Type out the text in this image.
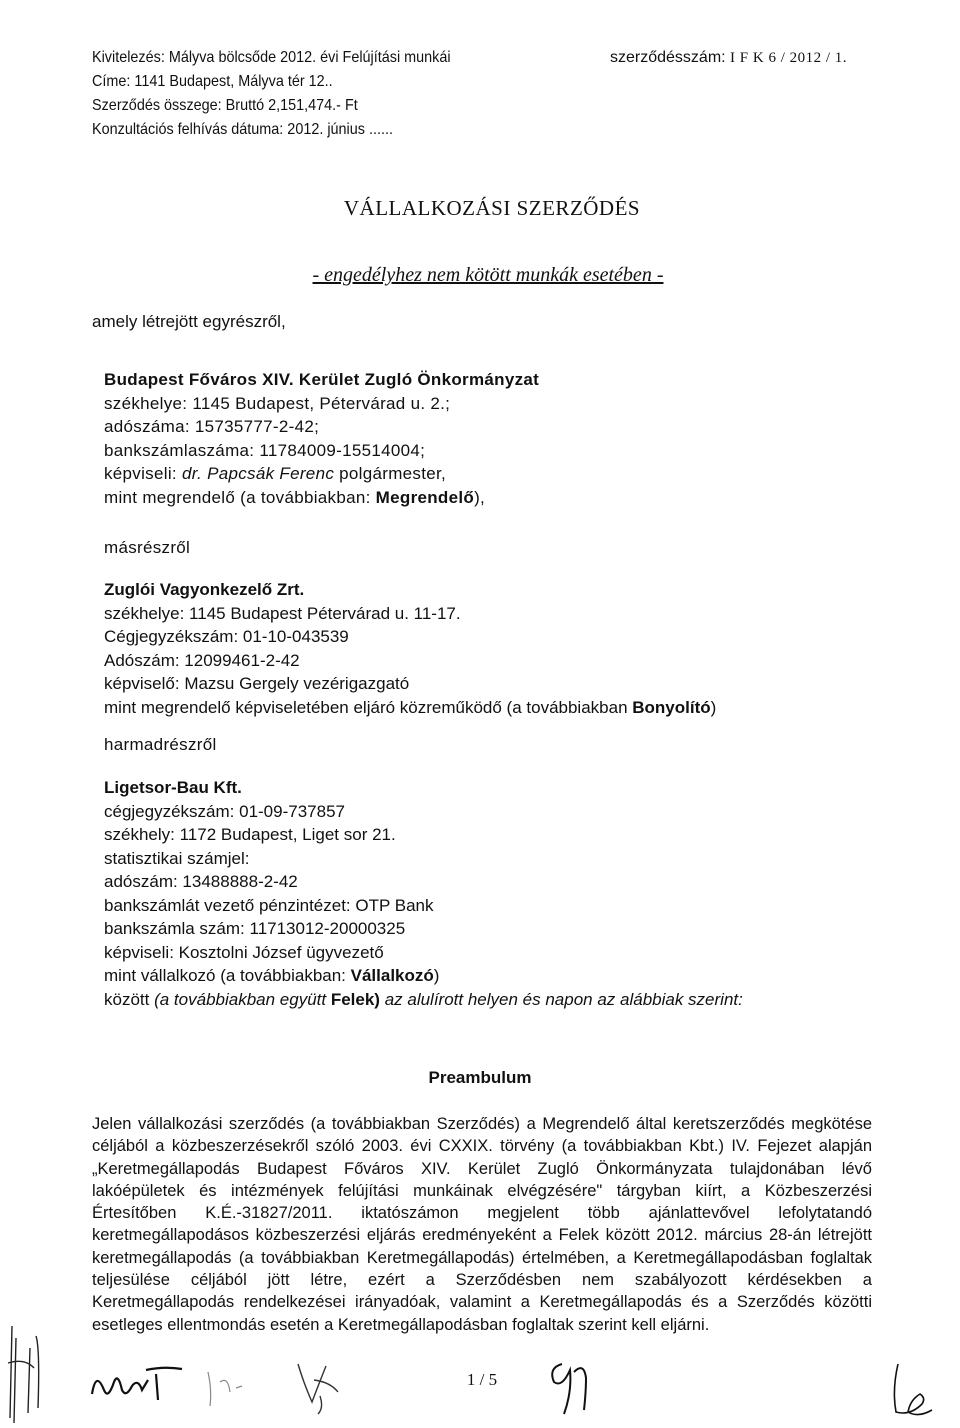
Kivitelezés: Mályva bölcsőde 2012. évi Felújítási munkái
Címe: 1141 Budapest, Mályva tér 12..
Szerződés összege: Bruttó 2,151,474.- Ft
Konzultációs felhívás dátuma: 2012. június ......
szerződésszám: I F K 6 / 2012 / 1.
VÁLLALKOZÁSI SZERZŐDÉS
- engedélyhez nem kötött munkák esetében -
amely létrejött egyrészről,
Budapest Főváros XIV. Kerület Zugló Önkormányzat
székhelye: 1145 Budapest, Pétervárad u. 2.;
adószáma: 15735777-2-42;
bankszámlaszáma: 11784009-15514004;
képviseli: dr. Papcsák Ferenc polgármester,
mint megrendelő (a továbbiakban: Megrendelő),
másrészről
Zuglói Vagyonkezelő Zrt.
székhelye: 1145 Budapest Pétervárad u. 11-17.
Cégjegyzékszám: 01-10-043539
Adószám: 12099461-2-42
képviselő: Mazsu Gergely vezérigazgató
mint megrendelő képviseletében eljáró közreműködő (a továbbiakban Bonyolító)
harmadrészről
Ligetsor-Bau Kft.
cégjegyzékszám: 01-09-737857
székhely: 1172 Budapest, Liget sor 21.
statisztikai számjel:
adószám: 13488888-2-42
bankszámlát vezető pénzintézet: OTP Bank
bankszámla szám: 11713012-20000325
képviseli: Kosztolni József ügyvezető
mint vállalkozó (a továbbiakban: Vállalkozó)
között (a továbbiakban együtt Felek) az alulírott helyen és napon az alábbiak szerint:
Preambulum
Jelen vállalkozási szerződés (a továbbiakban Szerződés) a Megrendelő által keretszerződés megkötése
céljából a közbeszerzésekről szóló 2003. évi CXXIX. törvény (a továbbiakban Kbt.) IV. Fejezet alapján
„Keretmegállapodás Budapest Főváros XIV. Kerület Zugló Önkormányzata tulajdonában lévő
lakóépületek és intézmények felújítási munkáinak elvégzésére" tárgyban kiírt, a Közbeszerzési
Értesítőben K.É.-31827/2011. iktatószámon megjelent több ajánlattevővel lefolytatandó
keretmegállapodásos közbeszerzési eljárás eredményeként a Felek között 2012. március 28-án létrejött
keretmegállapodás (a továbbiakban Keretmegállapodás) értelmében, a Keretmegállapodásban foglaltak
teljesülése céljából jött létre, ezért a Szerződésben nem szabályozott kérdésekben a
Keretmegállapodás rendelkezései irányadóak, valamint a Keretmegállapodás és a Szerződés közötti
esetleges ellentmondás esetén a Keretmegállapodásban foglaltak szerint kell eljárni.
1 / 5
